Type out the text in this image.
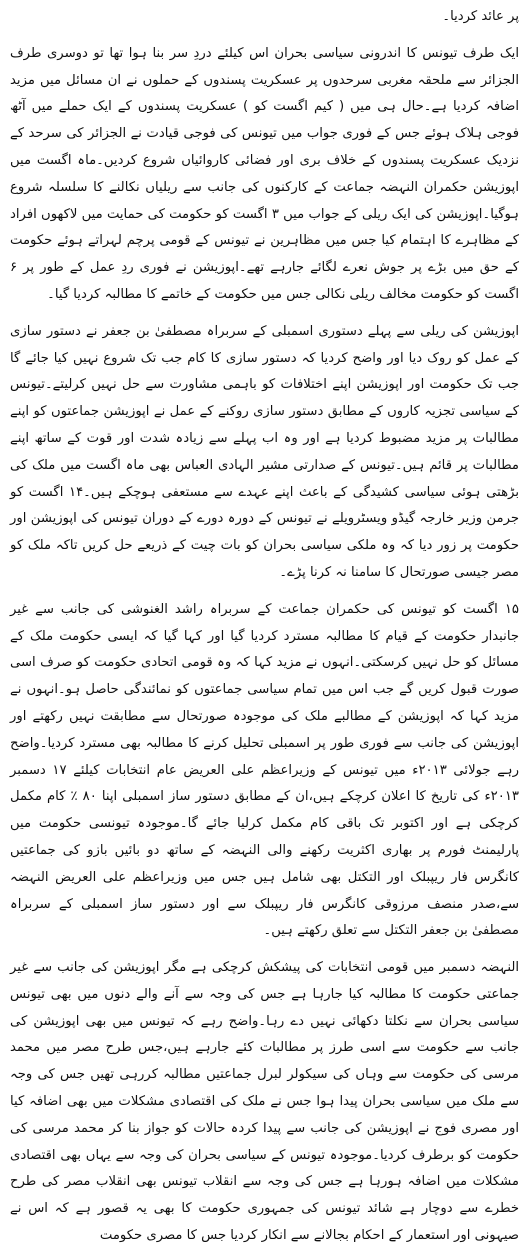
پر عائد کردیا۔

ایک طرف تیونس کا اندرونی سیاسی بحران اس کیلئے دردِ سر بنا ہوا تھا تو دوسری طرف الجزائر سے ملحقہ مغربی سرحدوں پر عسکریت پسندوں کے حملوں نے ان مسائل میں مزید اضافہ کردیا ہے۔حال ہی میں ( کیم اگست کو ) عسکریت پسندوں کے ایک حملے میں آٹھ فوجی ہلاک ہوئے جس کے فوری جواب میں تیونس کی فوجی قیادت نے الجزائر کی سرحد کے نزدیک عسکریت پسندوں کے خلاف بری اور فضائی کاروائیاں شروع کردیں۔ماہ اگست میں اپوزیشن حکمران النہضہ جماعت کے کارکنوں کی جانب سے ریلیاں نکالنے کا سلسلہ شروع ہوگیا۔اپوزیشن کی ایک ریلی کے جواب میں ۳ اگست کو حکومت کی حمایت میں لاکھوں افراد کے مظاہرے کا اہتمام کیا جس میں مظاہرین نے تیونس کے قومی پرچم لہراتے ہوئے حکومت کے حق میں بڑے پر جوش نعرے لگائے جارہے تھے۔اپوزیشن نے فوری ردِ عمل کے طور پر ۶ اگست کو حکومت مخالف ریلی نکالی جس میں حکومت کے خاتمے کا مطالبہ کردیا گیا۔

اپوزیشن کی ریلی سے پہلے دستوری اسمبلی کے سربراہ مصطفیٰ بن جعفر نے دستور سازی کے عمل کو روک دیا اور واضح کردیا کہ دستور سازی کا کام جب تک شروع نہیں کیا جائے گا جب تک حکومت اور اپوزیشن اپنے اختلافات کو باہمی مشاورت سے حل نہیں کرلیتے۔تیونس کے سیاسی تجزیہ کاروں کے مطابق دستور سازی روکنے کے عمل نے اپوزیشن جماعتوں کو اپنے مطالبات پر مزید مضبوط کردیا ہے اور وہ اب پہلے سے زیادہ شدت اور قوت کے ساتھ اپنے مطالبات پر قائم ہیں۔تیونس کے صدارتی مشیر الہادی العباس بھی ماہ اگست میں ملک کی بڑھتی ہوئی سیاسی کشیدگی کے باعث اپنے عہدے سے مستعفی ہوچکے ہیں۔۱۴ اگست کو جرمن وزیر خارجہ گیڈو ویسٹرویلے نے تیونس کے دورہ دورے کے دوران تیونس کی اپوزیشن اور حکومت پر زور دیا کہ وہ ملکی سیاسی بحران کو بات چیت کے ذریعے حل کریں تاکہ ملک کو مصر جیسی صورتحال کا سامنا نہ کرنا پڑے۔

۱۵ اگست کو تیونس کی حکمران جماعت کے سربراہ راشد الغنوشی کی جانب سے غیر جانبدار حکومت کے قیام کا مطالبہ مسترد کردیا گیا اور کہا گیا کہ ایسی حکومت ملک کے مسائل کو حل نہیں کرسکتی۔انہوں نے مزید کہا کہ وہ قومی اتحادی حکومت کو صرف اسی صورت قبول کریں گے جب اس میں تمام سیاسی جماعتوں کو نمائندگی حاصل ہو۔انہوں نے مزید کہا کہ اپوزیشن کے مطالبے ملک کی موجودہ صورتحال سے مطابقت نہیں رکھتے اور اپوزیشن کی جانب سے فوری طور پر اسمبلی تحلیل کرنے کا مطالبہ بھی مسترد کردیا۔واضح رہے جولائی ۲۰۱۳ء میں تیونس کے وزیراعظم علی العریض عام انتخابات کیلئے ۱۷ دسمبر ۲۰۱۳ء کی تاریخ کا اعلان کرچکے ہیں،ان کے مطابق دستور ساز اسمبلی اپنا ۸۰ ٪ کام مکمل کرچکی ہے اور اکتوبر تک باقی کام مکمل کرلیا جائے گا۔موجودہ تیونسی حکومت میں پارلیمنٹ فورم پر بھاری اکثریت رکھنے والی النہضہ کے ساتھ دو بائیں بازو کی جماعتیں کانگرس فار ریپبلک اور التکتل بھی شامل ہیں جس میں وزیراعظم علی العریض النہضہ سے،صدر منصف مرزوقی کانگرس فار ریپبلک سے اور دستور ساز اسمبلی کے سربراہ مصطفیٰ بن جعفر التکتل سے تعلق رکھتے ہیں۔

النہضہ دسمبر میں قومی انتخابات کی پیشکش کرچکی ہے مگر اپوزیشن کی جانب سے غیر جماعتی حکومت کا مطالبہ کیا جارہا ہے جس کی وجہ سے آنے والے دنوں میں بھی تیونس سیاسی بحران سے نکلتا دکھائی نہیں دے رہا۔واضح رہے کہ تیونس میں بھی اپوزیشن کی جانب سے حکومت سے اسی طرز پر مطالبات کئے جارہے ہیں،جس طرح مصر میں محمد مرسی کی حکومت سے وہاں کی سیکولر لبرل جماعتیں مطالبہ کررہی تھیں جس کی وجہ سے ملک میں سیاسی بحران پیدا ہوا جس نے ملک کی اقتصادی مشکلات میں بھی اضافہ کیا اور مصری فوج نے اپوزیشن کی جانب سے پیدا کردہ حالات کو جواز بنا کر محمد مرسی کی حکومت کو برطرف کردیا۔موجودہ تیونس کے سیاسی بحران کی وجہ سے یہاں بھی اقتصادی مشکلات میں اضافہ ہورہا ہے جس کی وجہ سے انقلاب تیونس بھی انقلاب مصر کی طرح خطرے سے دوچار ہے شائد تیونس کی جمہوری حکومت کا بھی یہ قصور ہے کہ اس نے صیہونی اور استعمار کے احکام بجالانے سے انکار کردیا جس کا مصری حکومت
